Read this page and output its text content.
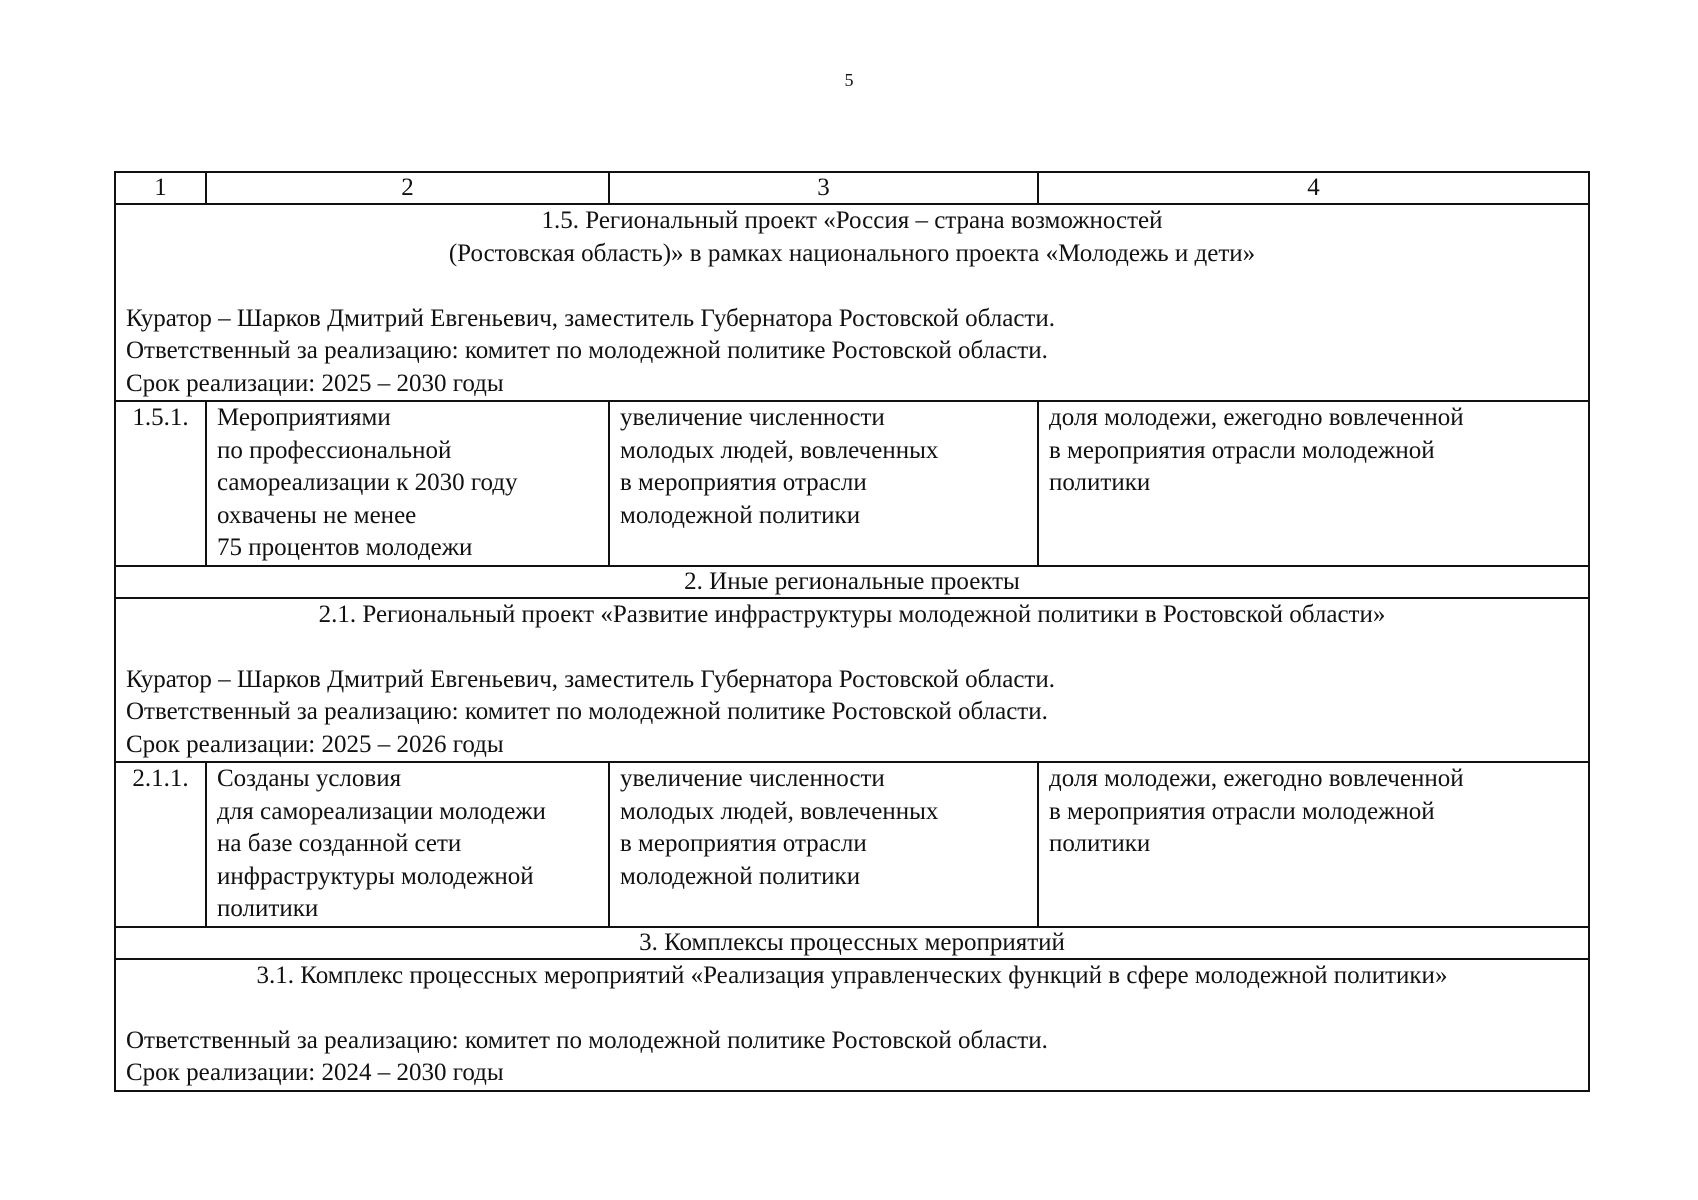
5
1	2	3	4

1.5. Региональный проект «Россия – страна возможностей
(Ростовская область)» в рамках национального проекта «Молодежь и дети»
Куратор – Шарков Дмитрий Евгеньевич, заместитель Губернатора Ростовской области.
Ответственный за реализацию: комитет по молодежной политике Ростовской области.
Срок реализации: 2025 – 2030 годы			

1.5.1.	Мероприятиями
по профессиональной
самореализации к 2030 году
охвачены не менее
75 процентов молодежи	увеличение численности
молодых людей, вовлеченных
в мероприятия отрасли
молодежной политики	доля молодежи, ежегодно вовлеченной
в мероприятия отрасли молодежной
политики
2. Иные региональные проекты			

2.1. Региональный проект «Развитие инфраструктуры молодежной политики в Ростовской области»
Куратор – Шарков Дмитрий Евгеньевич, заместитель Губернатора Ростовской области.
Ответственный за реализацию: комитет по молодежной политике Ростовской области.
Срок реализации: 2025 – 2026 годы			

2.1.1.	Созданы условия
для самореализации молодежи
на базе созданной сети
инфраструктуры молодежной
политики	увеличение численности
молодых людей, вовлеченных
в мероприятия отрасли
молодежной политики	доля молодежи, ежегодно вовлеченной
в мероприятия отрасли молодежной
политики
3. Комплексы процессных мероприятий			

3.1. Комплекс процессных мероприятий «Реализация управленческих функций в сфере молодежной политики»
Ответственный за реализацию: комитет по молодежной политике Ростовской области.
Срок реализации: 2024 – 2030 годы			
